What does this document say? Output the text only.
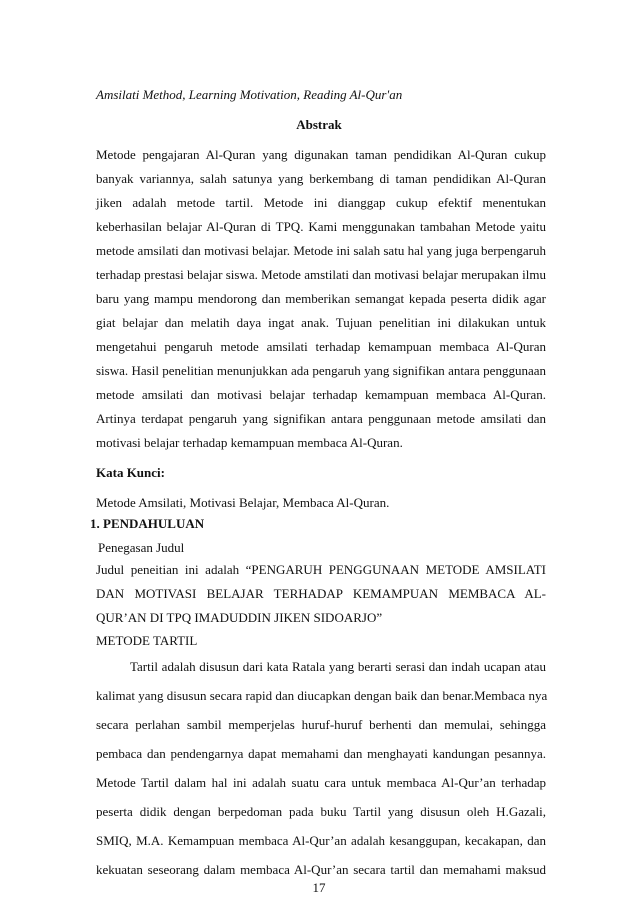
Amsilati Method, Learning Motivation, Reading Al-Qur'an
Abstrak
Metode pengajaran Al-Quran yang digunakan taman pendidikan Al-Quran cukup
banyak variannya, salah satunya yang berkembang di taman pendidikan Al-Quran
jiken adalah metode tartil. Metode ini dianggap cukup efektif menentukan
keberhasilan belajar Al-Quran di TPQ. Kami menggunakan tambahan Metode yaitu
metode amsilati dan motivasi belajar. Metode ini salah satu hal yang juga berpengaruh
terhadap prestasi belajar siswa. Metode amstilati dan motivasi belajar merupakan ilmu
baru yang mampu mendorong dan memberikan semangat kepada peserta didik agar
giat belajar dan melatih daya ingat anak. Tujuan penelitian ini dilakukan untuk
mengetahui pengaruh metode amsilati terhadap kemampuan membaca Al-Quran
siswa. Hasil penelitian menunjukkan ada pengaruh yang signifikan antara penggunaan
metode amsilati dan motivasi belajar terhadap kemampuan membaca Al-Quran.
Artinya terdapat pengaruh yang signifikan antara penggunaan metode amsilati dan
motivasi belajar terhadap kemampuan membaca Al-Quran.
Kata Kunci:
Metode Amsilati, Motivasi Belajar, Membaca Al-Quran.
1. PENDAHULUAN
Penegasan Judul
Judul peneitian ini adalah “PENGARUH PENGGUNAAN METODE AMSILATI
DAN MOTIVASI BELAJAR TERHADAP KEMAMPUAN MEMBACA AL-
QUR’AN DI TPQ IMADUDDIN JIKEN SIDOARJO”
METODE TARTIL
Tartil adalah disusun dari kata Ratala yang berarti serasi dan indah ucapan atau
kalimat yang disusun secara rapid dan diucapkan dengan baik dan benar.Membaca nya
secara perlahan sambil memperjelas huruf-huruf berhenti dan memulai, sehingga
pembaca dan pendengarnya dapat memahami dan menghayati kandungan pesannya.
Metode Tartil dalam hal ini adalah suatu cara untuk membaca Al-Qur’an terhadap
peserta didik dengan berpedoman pada buku Tartil yang disusun oleh H.Gazali,
SMIQ, M.A. Kemampuan membaca Al-Qur’an adalah kesanggupan, kecakapan, dan
kekuatan seseorang dalam membaca Al-Qur’an secara tartil dan memahami maksud
17
